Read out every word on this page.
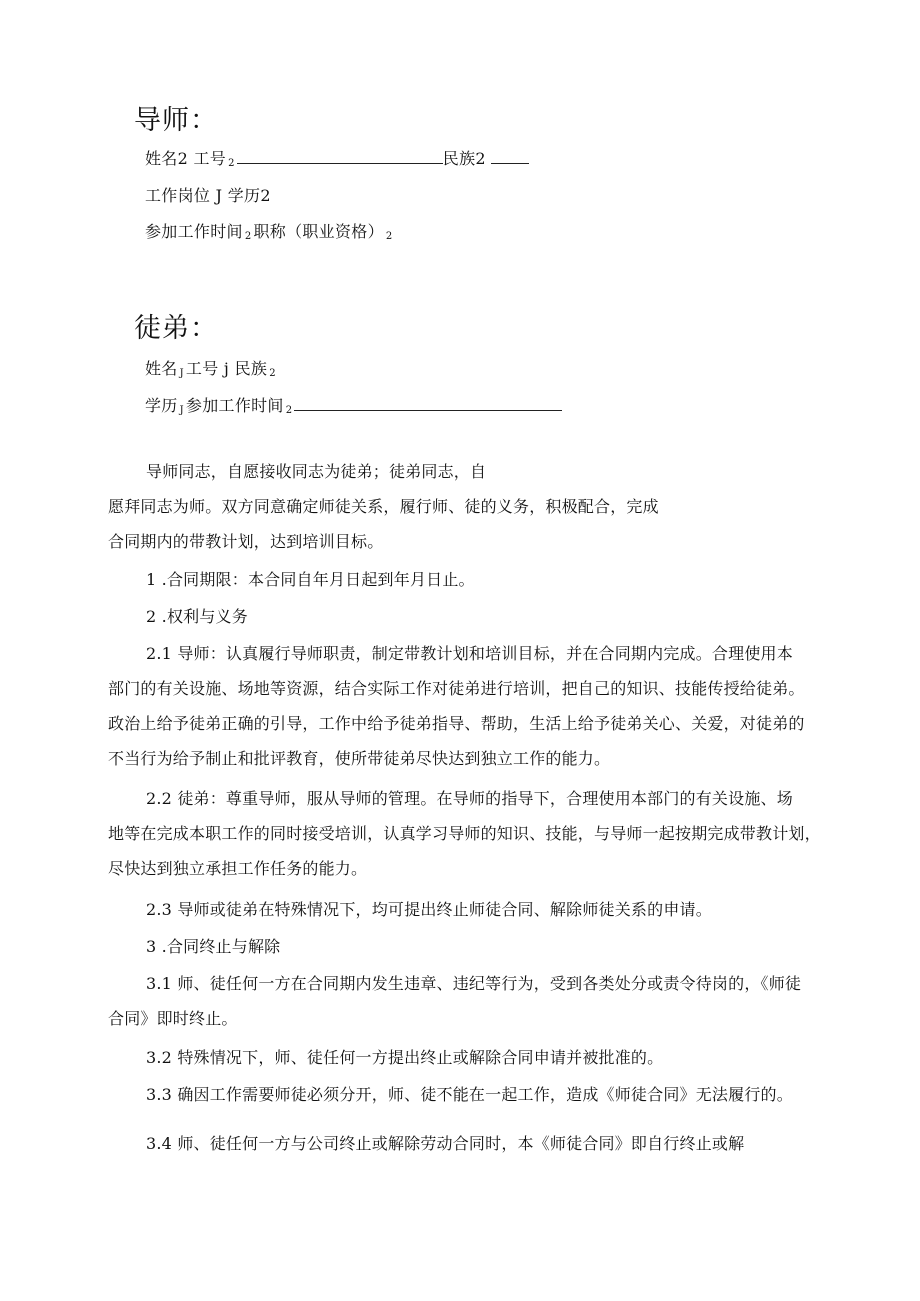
导师：
姓名2 工号 $_2$	民族2
工作岗位 J 学历2
参加工作时间 $_2$ 职称（职业资格） $_2$
徒弟：
姓名 $_J$ 工号 j 民族 $_2$
学历 $_J$ 参加工作时间 $_2$
导师同志，自愿接收同志为徒弟；徒弟同志，自
愿拜同志为师。双方同意确定师徒关系，履行师、徒的义务，积极配合，完成
合同期内的带教计划，达到培训目标。
1 .合同期限：本合同自年月日起到年月日止。
2 .权利与义务
2.1 导师：认真履行导师职责，制定带教计划和培训目标，并在合同期内完成。合理使用本
部门的有关设施、场地等资源，结合实际工作对徒弟进行培训，把自己的知识、技能传授给徒弟。
政治上给予徒弟正确的引导，工作中给予徒弟指导、帮助，生活上给予徒弟关心、关爱，对徒弟的
不当行为给予制止和批评教育，使所带徒弟尽快达到独立工作的能力。
2.2 徒弟：尊重导师，服从导师的管理。在导师的指导下，合理使用本部门的有关设施、场
地等在完成本职工作的同时接受培训，认真学习导师的知识、技能，与导师一起按期完成带教计划，
尽快达到独立承担工作任务的能力。
2.3 导师或徒弟在特殊情况下，均可提出终止师徒合同、解除师徒关系的申请。
3 .合同终止与解除
3.1 师、徒任何一方在合同期内发生违章、违纪等行为，受到各类处分或责令待岗的，《师徒
合同》即时终止。
3.2 特殊情况下，师、徒任何一方提出终止或解除合同申请并被批准的。
3.3 确因工作需要师徒必须分开，师、徒不能在一起工作，造成《师徒合同》无法履行的。
3.4 师、徒任何一方与公司终止或解除劳动合同时，本《师徒合同》即自行终止或解
